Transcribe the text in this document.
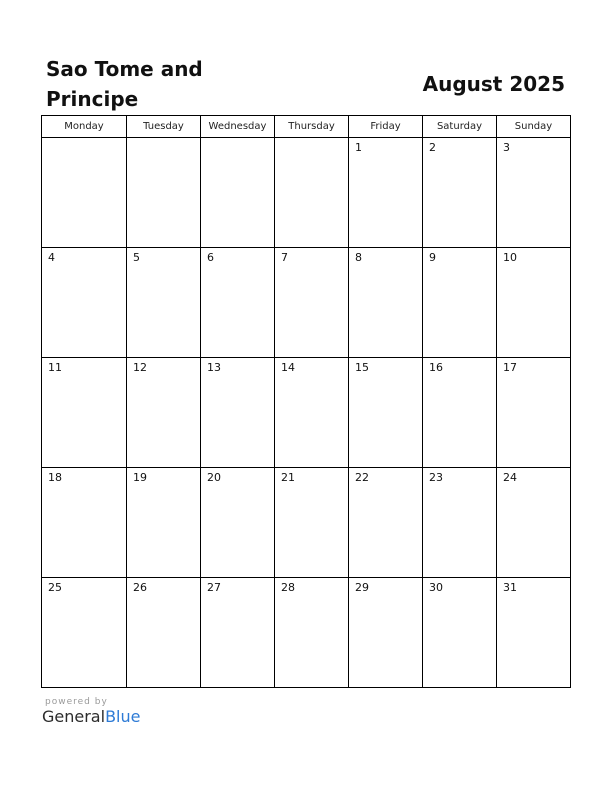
Sao Tome and Principe
August 2025
Monday	Tuesday	Wednesday	Thursday	Friday	Saturday	Sunday

				1	2	3

4	5	6	7	8	9	10

11	12	13	14	15	16	17

18	19	20	21	22	23	24

25	26	27	28	29	30	31
powered by
GeneralBlue
